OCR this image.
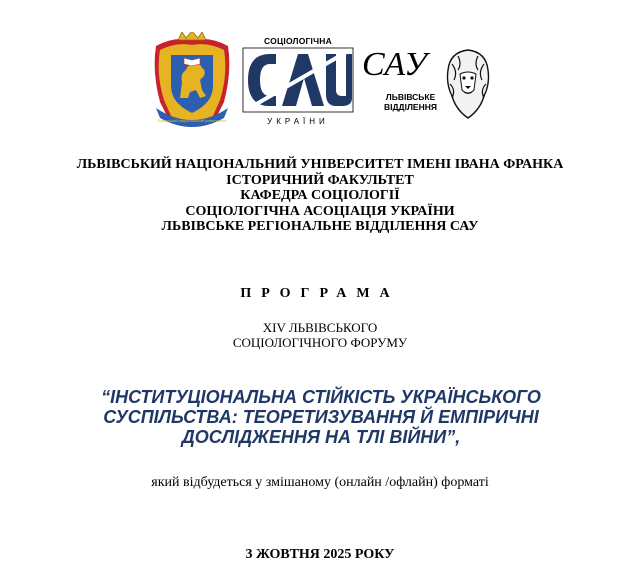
Львівський національний університет
СОЦІОЛОГІЧНА
УКРАЇНИ
САУ
ЛЬВІВСЬКЕ
ВІДДІЛЕННЯ
ЛЬВІВСЬКИЙ НАЦІОНАЛЬНИЙ УНІВЕРСИТЕТ ІМЕНІ ІВАНА ФРАНКА
ІСТОРИЧНИЙ ФАКУЛЬТЕТ
КАФЕДРА СОЦІОЛОГІЇ
СОЦІОЛОГІЧНА АСОЦІАЦІЯ УКРАЇНИ
ЛЬВІВСЬКЕ РЕГІОНАЛЬНЕ ВІДДІЛЕННЯ САУ
ПРОГРАМА
XIV ЛЬВІВСЬКОГО
СОЦІОЛОГІЧНОГО ФОРУМУ
“ІНСТИТУЦІОНАЛЬНА СТІЙКІСТЬ УКРАЇНСЬКОГО
СУСПІЛЬСТВА: ТЕОРЕТИЗУВАННЯ Й ЕМПІРИЧНІ
ДОСЛІДЖЕННЯ НА ТЛІ ВІЙНИ”,
який відбудеться у змішаному (онлайн /офлайн) форматі
3 ЖОВТНЯ 2025 РОКУ
